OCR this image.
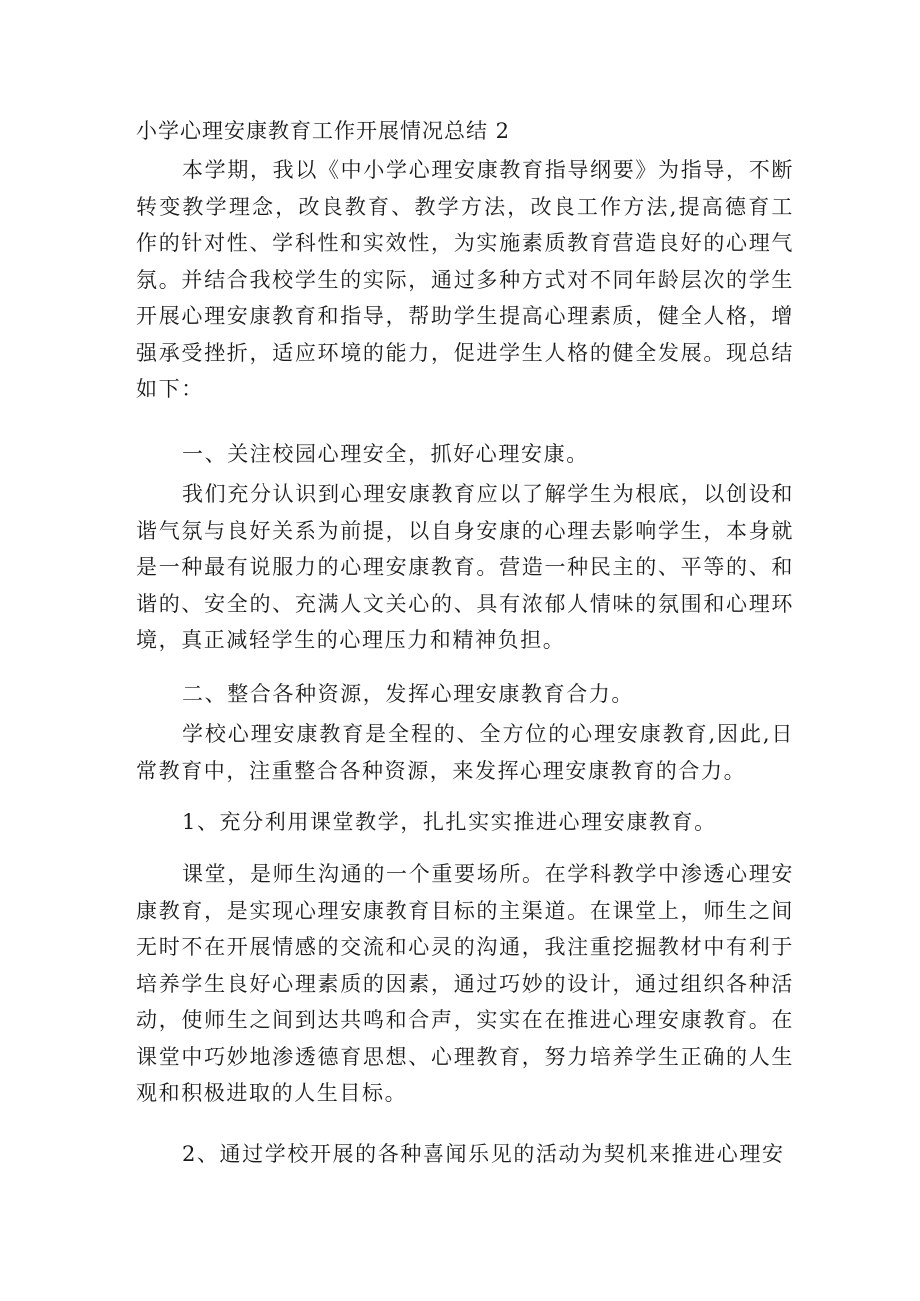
小学心理安康教育工作开展情况总结 2

本学期，我以《中小学心理安康教育指导纲要》为指导，不断转变教学理念，改良教育、教学方法，改良工作方法,提高德育工作的针对性、学科性和实效性，为实施素质教育营造良好的心理气氛。并结合我校学生的实际，通过多种方式对不同年龄层次的学生开展心理安康教育和指导，帮助学生提高心理素质，健全人格，增强承受挫折，适应环境的能力，促进学生人格的健全发展。现总结如下：

一、关注校园心理安全，抓好心理安康。

我们充分认识到心理安康教育应以了解学生为根底，以创设和谐气氛与良好关系为前提，以自身安康的心理去影响学生，本身就是一种最有说服力的心理安康教育。营造一种民主的、平等的、和谐的、安全的、充满人文关心的、具有浓郁人情味的氛围和心理环境，真正减轻学生的心理压力和精神负担。

二、整合各种资源，发挥心理安康教育合力。

学校心理安康教育是全程的、全方位的心理安康教育,因此,日常教育中，注重整合各种资源，来发挥心理安康教育的合力。

1、充分利用课堂教学，扎扎实实推进心理安康教育。

课堂，是师生沟通的一个重要场所。在学科教学中渗透心理安康教育，是实现心理安康教育目标的主渠道。在课堂上，师生之间无时不在开展情感的交流和心灵的沟通，我注重挖掘教材中有利于培养学生良好心理素质的因素，通过巧妙的设计，通过组织各种活动，使师生之间到达共鸣和合声，实实在在推进心理安康教育。在课堂中巧妙地渗透德育思想、心理教育，努力培养学生正确的人生观和积极进取的人生目标。

2、通过学校开展的各种喜闻乐见的活动为契机来推进心理安
